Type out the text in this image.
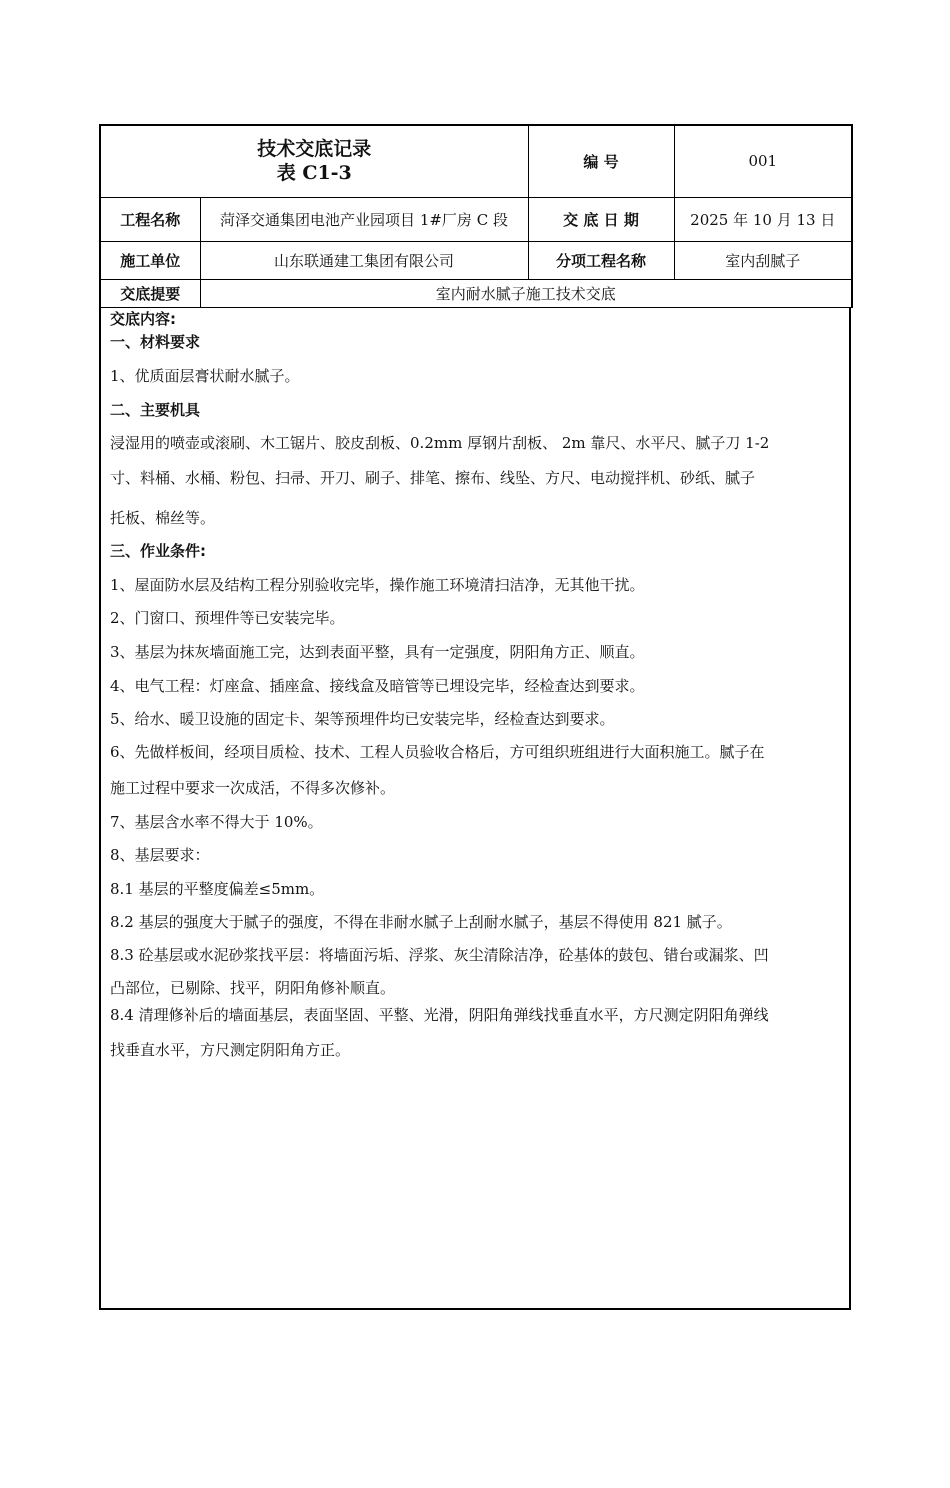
技术交底记录
表 C1-3		编 号	001
工程名称	菏泽交通集团电池产业园项目 1#厂房 C 段	交 底 日 期	2025 年 10 月 13 日
施工单位	山东联通建工集团有限公司	分项工程名称	室内刮腻子
交底提要	室内耐水腻子施工技术交底		
交底内容:
一、材料要求
1、优质面层膏状耐水腻子。
二、主要机具
浸湿用的喷壶或滚刷、木工锯片、胶皮刮板、0.2mm 厚钢片刮板、 2m 靠尺、水平尺、腻子刀 1-2
寸、料桶、水桶、粉包、扫帚、开刀、刷子、排笔、擦布、线坠、方尺、电动搅拌机、砂纸、腻子
托板、棉丝等。
三、作业条件:
1、屋面防水层及结构工程分别验收完毕，操作施工环境清扫洁净，无其他干扰。
2、门窗口、预埋件等已安装完毕。
3、基层为抹灰墙面施工完，达到表面平整，具有一定强度，阴阳角方正、顺直。
4、电气工程：灯座盒、插座盒、接线盒及暗管等已埋设完毕，经检查达到要求。
5、给水、暖卫设施的固定卡、架等预埋件均已安装完毕，经检查达到要求。
6、先做样板间，经项目质检、技术、工程人员验收合格后，方可组织班组进行大面积施工。腻子在
施工过程中要求一次成活，不得多次修补。
7、基层含水率不得大于 10%。
8、基层要求：
8.1 基层的平整度偏差≤5mm。
8.2 基层的强度大于腻子的强度，不得在非耐水腻子上刮耐水腻子，基层不得使用 821 腻子。
8.3 砼基层或水泥砂浆找平层：将墙面污垢、浮浆、灰尘清除洁净，砼基体的鼓包、错台或漏浆、凹
凸部位，已剔除、找平，阴阳角修补顺直。
8.4 清理修补后的墙面基层，表面坚固、平整、光滑，阴阳角弹线找垂直水平，方尺测定阴阳角弹线
找垂直水平，方尺测定阴阳角方正。
